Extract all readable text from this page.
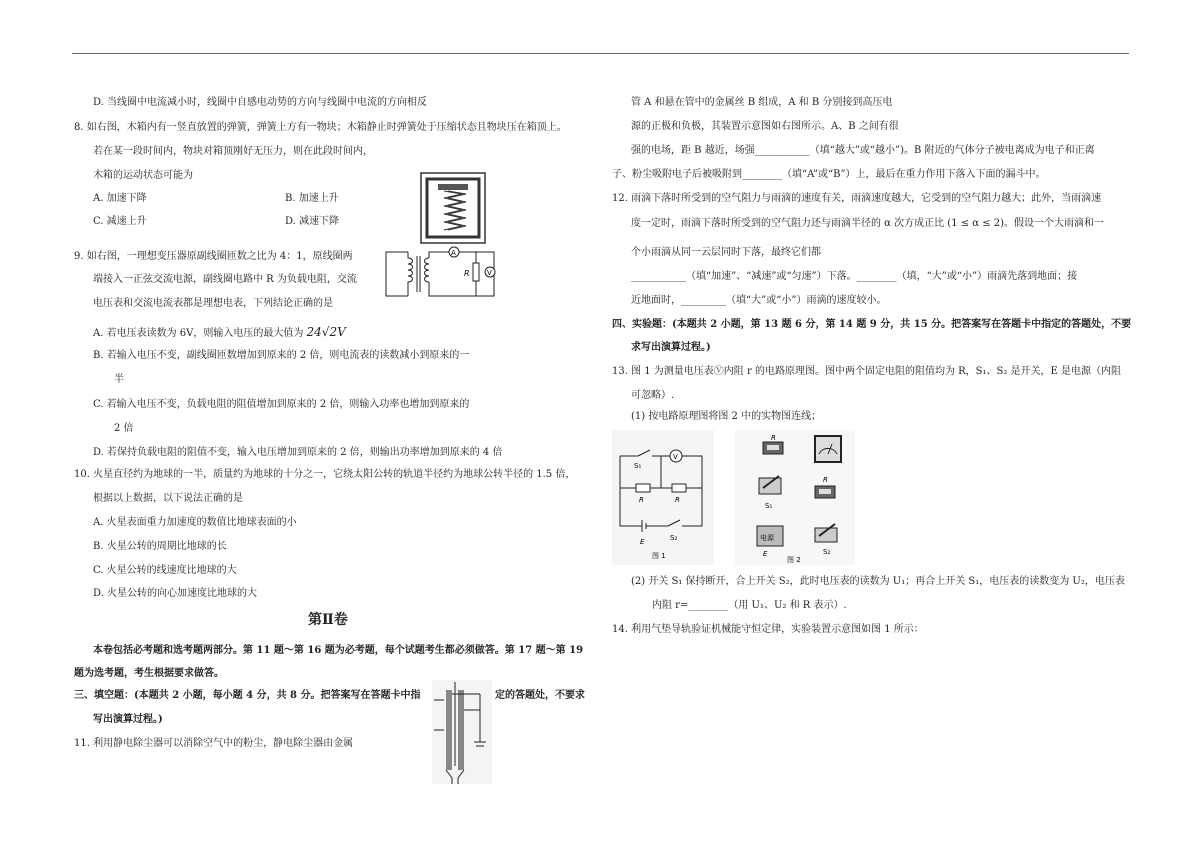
D. 当线圈中电流减小时，线圈中自感电动势的方向与线圈中电流的方向相反
8. 如右图，木箱内有一竖直放置的弹簧，弹簧上方有一物块；木箱静止时弹簧处于压缩状态且物块压在箱顶上。
若在某一段时间内，物块对箱顶刚好无压力，则在此段时间内，
木箱的运动状态可能为
A. 加速下降	B. 加速上升
C. 减速上升	D. 减速下降
9. 如右图，一理想变压器原副线圈匝数之比为 4：1，原线圈两
端接入一正弦交流电源，副线圈电路中 R 为负载电阻，交流
电压表和交流电流表都是理想电表，下列结论正确的是
A
R V
A. 若电压表读数为 6V，则输入电压的最大值为 24√2V
B. 若输入电压不变，副线圈匝数增加到原来的 2 倍，则电流表的读数减小到原来的一
半
C. 若输入电压不变，负载电阻的阻值增加到原来的 2 倍，则输入功率也增加到原来的
2 倍
D. 若保持负载电阻的阻值不变，输入电压增加到原来的 2 倍，则输出功率增加到原来的 4 倍
10. 火星直径约为地球的一半，质量约为地球的十分之一，它绕太阳公转的轨道半径约为地球公转半径的 1.5 倍，
根据以上数据，以下说法正确的是
A. 火星表面重力加速度的数值比地球表面的小
B. 火星公转的周期比地球的长
C. 火星公转的线速度比地球的大
D. 火星公转的向心加速度比地球的大
第Ⅱ卷
本卷包括必考题和选考题两部分。第 11 题～第 16 题为必考题，每个试题考生都必须做答。第 17 题～第 19
题为选考题，考生根据要求做答。
三、填空题：(本题共 2 小题，每小题 4 分，共 8 分。把答案写在答题卡中指	定的答题处，不要求
写出演算过程。)
11. 利用静电除尘器可以消除空气中的粉尘，静电除尘器由金属
管 A 和悬在管中的金属丝 B 组成，A 和 B 分别接到高压电
源的正极和负极，其装置示意图如右图所示。A、B 之间有很
强的电场，距 B 越近，场强___________（填“越大”或“越小”)。B 附近的气体分子被电离成为电子和正离
子、粉尘吸附电子后被吸附到________（填“A”或“B”）上，最后在重力作用下落入下面的漏斗中。
12. 雨滴下落时所受到的空气阻力与雨滴的速度有关，雨滴速度越大，它受到的空气阻力越大；此外，当雨滴速
度一定时，雨滴下落时所受到的空气阻力还与雨滴半径的 α 次方成正比 (1 ≤ α ≤ 2)。假设一个大雨滴和一
个小雨滴从同一云层同时下落，最终它们都
___________（填“加速”、“减速”或“匀速”）下落。________（填，“大”或“小”）雨滴先落到地面；接
近地面时，_________（填“大”或“小”）雨滴的速度较小。
四、实验题：(本题共 2 小题，第 13 题 6 分，第 14 题 9 分，共 15 分。把答案写在答题卡中指定的答题处，不要
求写出演算过程。)
13. 图 1 为测量电压表Ⓥ内阻 r 的电路原理图。图中两个固定电阻的阻值均为 R，S₁、S₂ 是开关，E 是电源（内阻
可忽略）.
(1) 按电路原理图将图 2 中的实物图连线；
S₁
V
R	R
E	S₂
图 1
R
S₁
R
电源
E	S₂
图 2
(2) 开关 S₁ 保持断开，合上开关 S₂，此时电压表的读数为 U₁；再合上开关 S₁，电压表的读数变为 U₂，电压表
内阻 r=________（用 U₁、U₂ 和 R 表示）.
14. 利用气垫导轨验证机械能守恒定律，实验装置示意图如图 1 所示：
